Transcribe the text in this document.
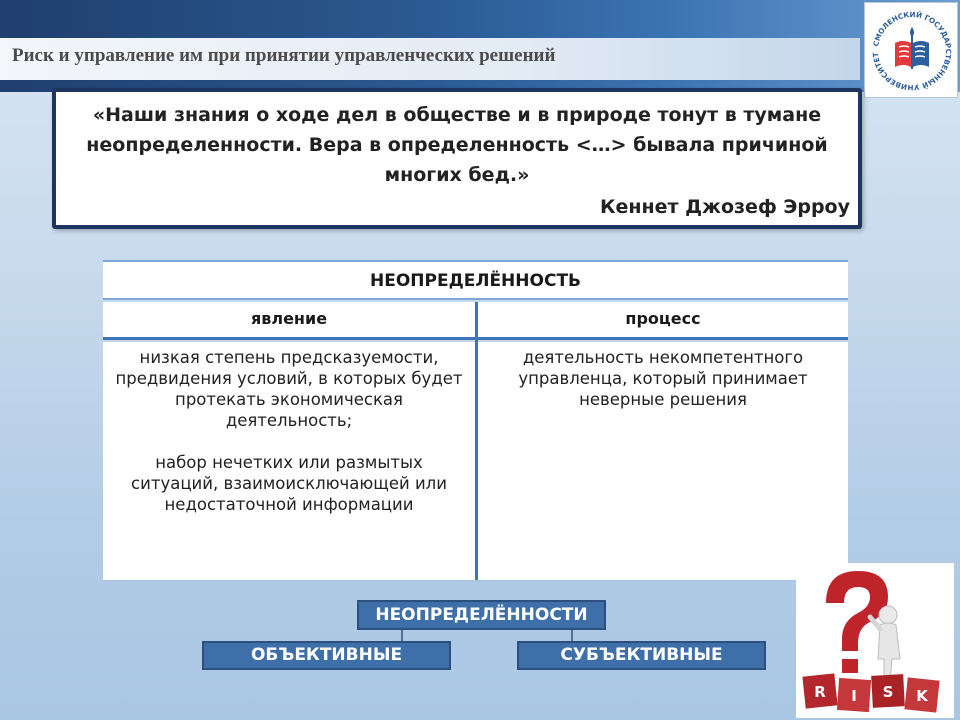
Риск и управление им при принятии управленческих решений
СМОЛЕНСКИЙ ГОСУДАРСТВЕННЫЙ УНИВЕРСИТЕТ
«Наши знания о ходе дел в обществе и в природе тонут в тумане неопределенности. Вера в определенность <…> бывала причиной многих бед.»
Кеннет Джозеф Эрроу
НЕОПРЕДЕЛЁННОСТЬ
явление	процесс

низкая степень предсказуемости, предвидения условий, в которых будет протекать экономическая деятельность;

набор нечетких или размытых ситуаций, взаимоисключающей или недостаточной информации

деятельность некомпетентного управленца, который принимает неверные решения

НЕОПРЕДЕЛЁННОСТИ
ОБЪЕКТИВНЫЕ	СУБЪЕКТИВНЫЕ
R I S K
